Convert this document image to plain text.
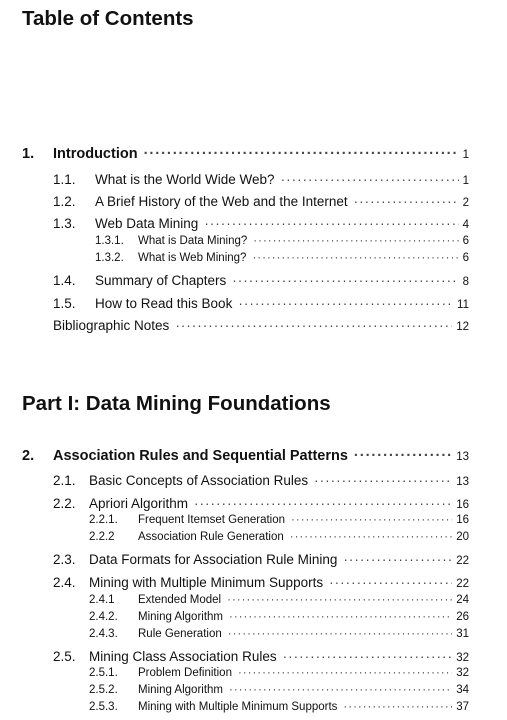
Table of Contents
1.	Introduction ·····	1
1.1.	What is the World Wide Web? ·····	1
1.2.	A Brief History of the Web and the Internet ·····	2
1.3.	Web Data Mining ·····	4
1.3.1.	What is Data Mining? ·····	6
1.3.2.	What is Web Mining? ·····	6
1.4.	Summary of Chapters ·····	8
1.5.	How to Read this Book ·····	11
Bibliographic Notes ·····	12
Part I: Data Mining Foundations
2.	Association Rules and Sequential Patterns ·····	13
2.1. Basic Concepts of Association Rules ·····	13
2.2. Apriori Algorithm ·····	16
2.2.1.	Frequent Itemset Generation ·····	16
2.2.2	Association Rule Generation ·····	20
2.3. Data Formats for Association Rule Mining ·····	22
2.4. Mining with Multiple Minimum Supports ·····	22
2.4.1	Extended Model ·····	24
2.4.2.	Mining Algorithm ·····	26
2.4.3.	Rule Generation ·····	31
2.5. Mining Class Association Rules ·····	32
2.5.1.	Problem Definition ·····	32
2.5.2.	Mining Algorithm ·····	34
2.5.3.	Mining with Multiple Minimum Supports ·····	37
